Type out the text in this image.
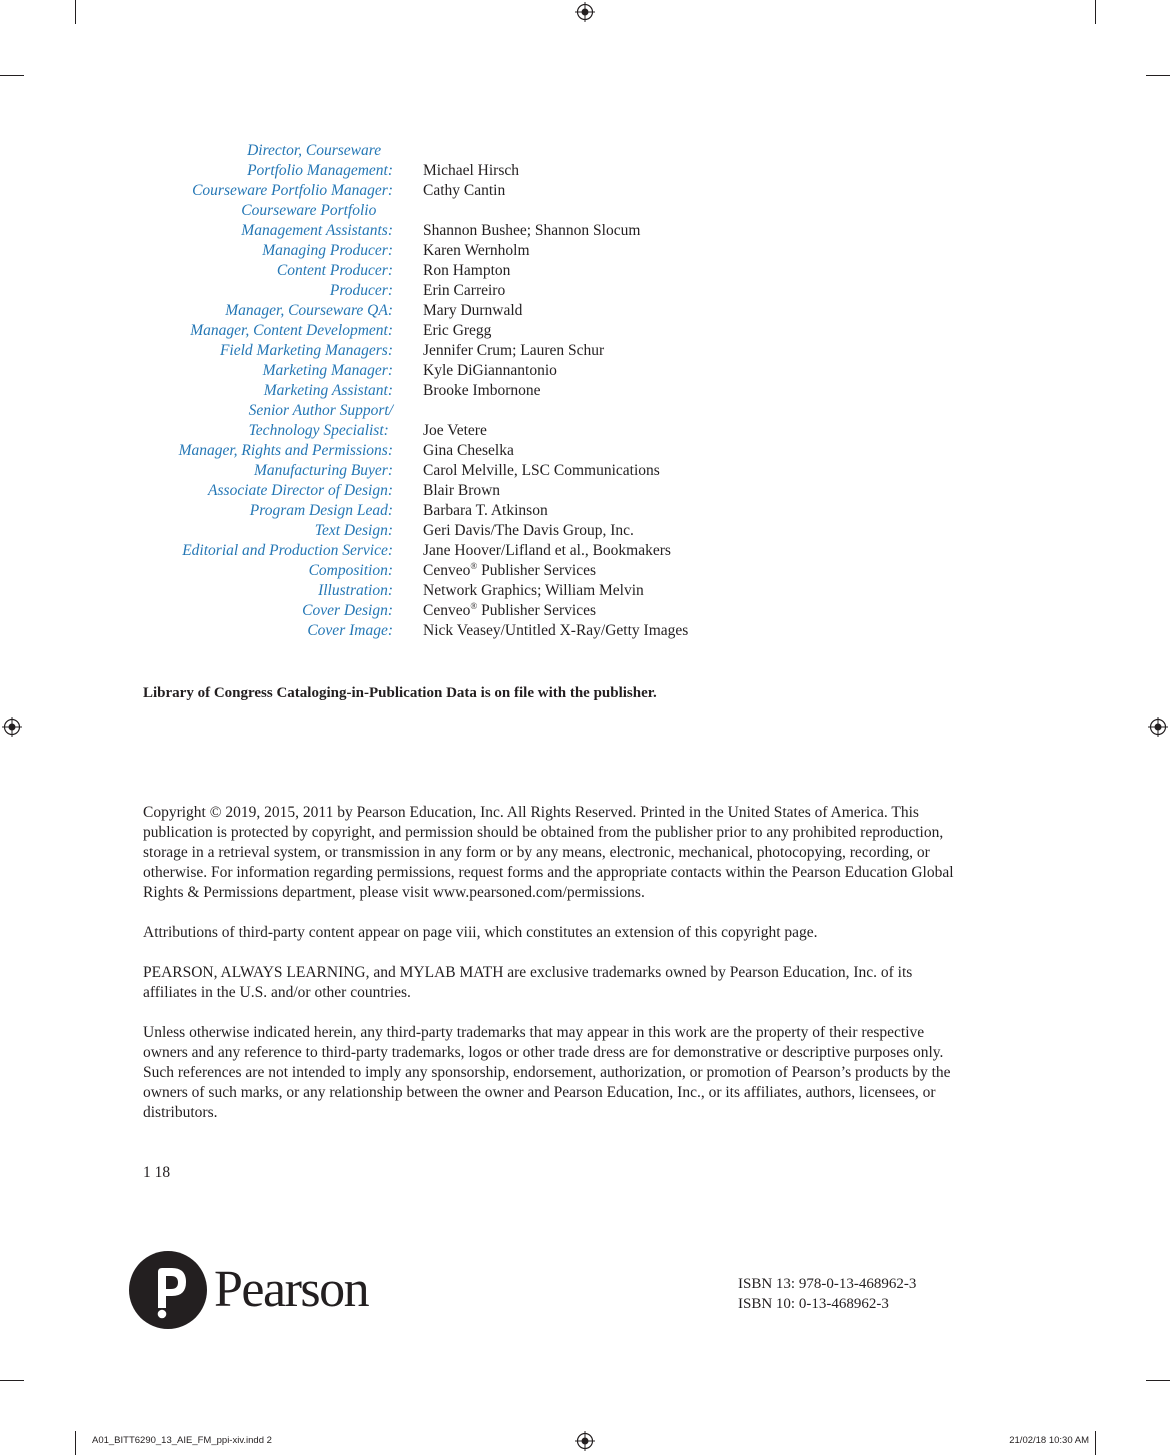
Director, Courseware
Portfolio Management: Michael Hirsch
Courseware Portfolio Manager: Cathy Cantin
Courseware Portfolio
Management Assistants: Shannon Bushee; Shannon Slocum
Managing Producer: Karen Wernholm
Content Producer: Ron Hampton
Producer: Erin Carreiro
Manager, Courseware QA: Mary Durnwald
Manager, Content Development: Eric Gregg
Field Marketing Managers: Jennifer Crum; Lauren Schur
Marketing Manager: Kyle DiGiannantonio
Marketing Assistant: Brooke Imbornone
Senior Author Support/
Technology Specialist: Joe Vetere
Manager, Rights and Permissions: Gina Cheselka
Manufacturing Buyer: Carol Melville, LSC Communications
Associate Director of Design: Blair Brown
Program Design Lead: Barbara T. Atkinson
Text Design: Geri Davis/The Davis Group, Inc.
Editorial and Production Service: Jane Hoover/Lifland et al., Bookmakers
Composition: Cenveo® Publisher Services
Illustration: Network Graphics; William Melvin
Cover Design: Cenveo® Publisher Services
Cover Image: Nick Veasey/Untitled X-Ray/Getty Images
Library of Congress Cataloging-in-Publication Data is on file with the publisher.

Copyright © 2019, 2015, 2011 by Pearson Education, Inc. All Rights Reserved. Printed in the United States of America. This publication is protected by copyright, and permission should be obtained from the publisher prior to any prohibited reproduction, storage in a retrieval system, or transmission in any form or by any means, electronic, mechanical, photocopying, recording, or otherwise. For information regarding permissions, request forms and the appropriate contacts within the Pearson Education Global Rights & Permissions department, please visit www.pearsoned.com/permissions.

Attributions of third-party content appear on page viii, which constitutes an extension of this copyright page.

PEARSON, ALWAYS LEARNING, and MYLAB MATH are exclusive trademarks owned by Pearson Education, Inc. of its affiliates in the U.S. and/or other countries.

Unless otherwise indicated herein, any third-party trademarks that may appear in this work are the property of their respective owners and any reference to third-party trademarks, logos or other trade dress are for demonstrative or descriptive purposes only. Such references are not intended to imply any sponsorship, endorsement, authorization, or promotion of Pearson’s products by the owners of such marks, or any relationship between the owner and Pearson Education, Inc., or its affiliates, authors, licensees, or distributors.

1 18
Pearson	ISBN 13: 978-0-13-468962-3
ISBN 10: 0-13-468962-3
A01_BITT6290_13_AIE_FM_ppi-xiv.indd 2	21/02/18 10:30 AM
